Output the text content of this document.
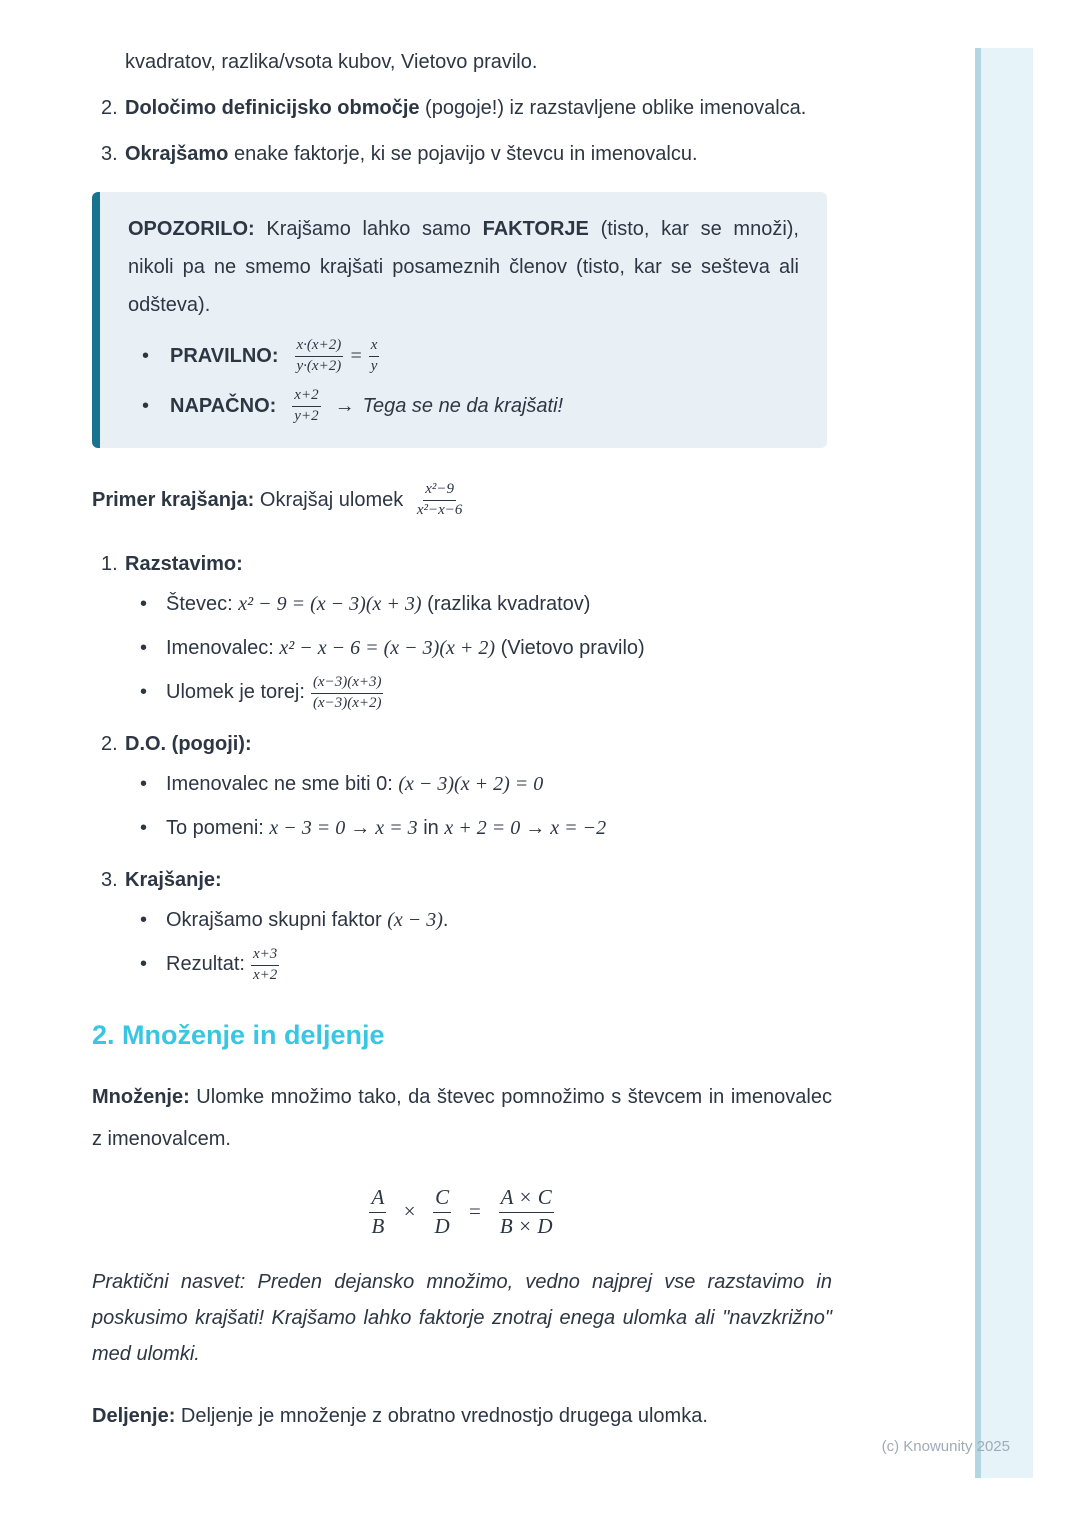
kvadratov, razlika/vsota kubov, Vietovo pravilo.

2. Določimo definicijsko območje (pogoje!) iz razstavljene oblike imenovalca.
3. Okrajšamo enake faktorje, ki se pojavijo v števcu in imenovalcu.

OPOZORILO: Krajšamo lahko samo FAKTORJE (tisto, kar se množi), nikoli pa ne smemo krajšati posameznih členov (tisto, kar se sešteva ali odšteva).

•	PRAVILNO: $\frac{x\cdot(x+2)}{y\cdot(x+2)} = \frac{x}{y}$
•	NAPAČNO: $\frac{x+2}{y+2}$ → Tega se ne da krajšati!

Primer krajšanja: Okrajšaj ulomek $\frac{\text{x²−9}}{\text{x²−x−6}}$

1. Razstavimo:
• Števec: x² − 9 = (x − 3)(x + 3) (razlika kvadratov)
• Imenovalec: x² − x − 6 = (x − 3)(x + 2) (Vietovo pravilo)
• Ulomek je torej: $\frac{(x-3)(x+3)}{(x-3)(x+2)}$
2. D.O. (pogoji):
• Imenovalec ne sme biti 0: (x − 3)(x + 2) = 0
• To pomeni: x − 3 = 0 → x = 3 in x + 2 = 0 → x = −2
3. Krajšanje:
• Okrajšamo skupni faktor (x − 3).
• Rezultat: $\frac{x+3}{x+2}$
2. Množenje in deljenje

Množenje: Ulomke množimo tako, da števec pomnožimo s števcem in imenovalec z imenovalcem.

$\frac{A}{B} \times \frac{C}{D} = \frac{A \times C}{B \times D}$

Praktični nasvet: Preden dejansko množimo, vedno najprej vse razstavimo in poskusimo krajšati! Krajšamo lahko faktorje znotraj enega ulomka ali "navzkrižno" med ulomki.

Deljenje: Deljenje je množenje z obratno vrednostjo drugega ulomka.

(c) Knowunity 2025
